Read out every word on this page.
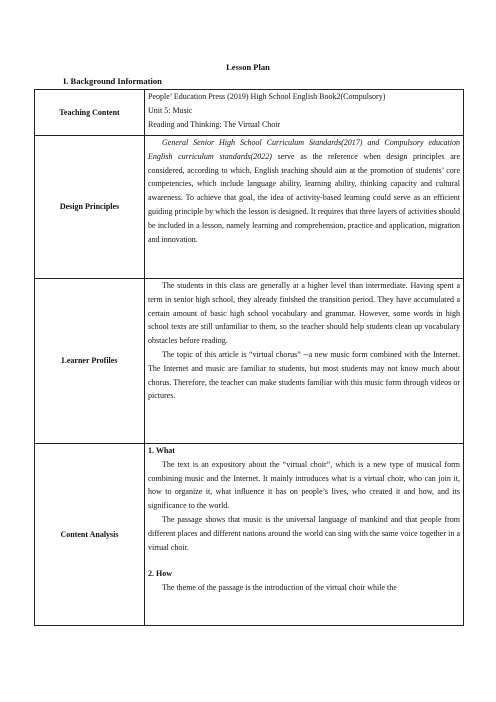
Lesson Plan
I. Background Information
Teaching Content	People’ Education Press (2019) High School English Book2(Compulsory)
Unit 5: Music
Reading and Thinking: The Virtual Choir

Design Principles	General Senior High School Curriculum Standards(2017) and Compulsory education English curriculum standards(2022) serve as the reference when design principles are considered, according to which, English teaching should aim at the promotion of students’ core competencies, which include language ability, learning ability, thinking capacity and cultural awareness. To achieve that goal, the idea of activity-based learning could serve as an efficient guiding principle by which the lesson is designed. It requires that three layers of activities should be included in a lesson, namely learning and comprehension, practice and application, migration and innovation.

Learner Profiles	The students in this class are generally at a higher level than intermediate. Having spent a term in senior high school, they already finished the transition period. They have accumulated a certain amount of basic high school vocabulary and grammar. However, some words in high school texts are still unfamiliar to them, so the teacher should help students clean up vocabulary obstacles before reading.
The topic of this article is “virtual chorus” --a new music form combined with the Internet. The Internet and music are familiar to students, but most students may not know much about chorus. Therefore, the teacher can make students familiar with this music form through videos or pictures.

Content Analysis	1. What
The text is an expository about the “virtual choir”, which is a new type of musical form combining music and the Internet. It mainly introduces what is a virtual choir, who can join it, how to organize it, what influence it has on people’s lives, who created it and how, and its significance to the world.
The passage shows that music is the universal language of mankind and that people from different places and different nations around the world can sing with the same voice together in a virtual choir.
2. How
The theme of the passage is the introduction of the virtual choir while the
